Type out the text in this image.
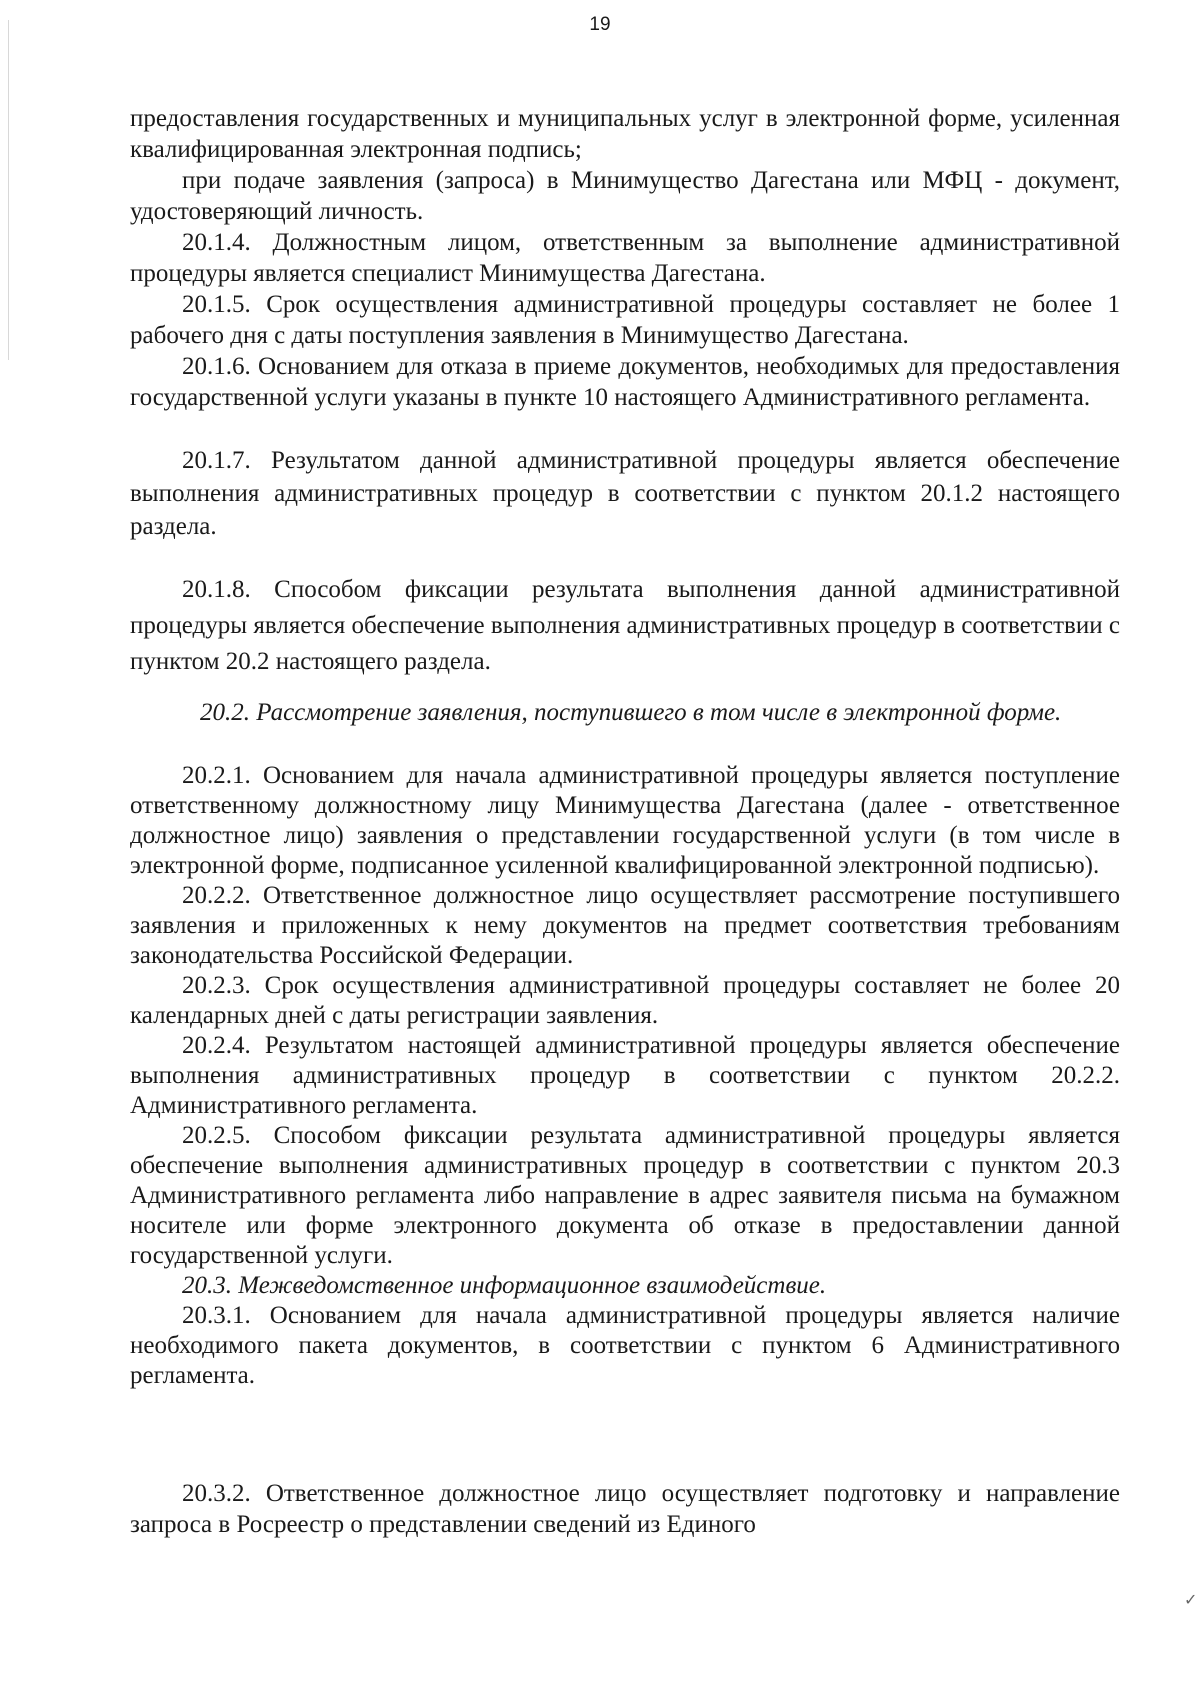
19

предоставления государственных и муниципальных услуг в электронной форме, усиленная квалифицированная электронная подпись;

при подаче заявления (запроса) в Минимущество Дагестана или МФЦ - документ, удостоверяющий личность.

20.1.4. Должностным лицом, ответственным за выполнение административной процедуры является специалист Минимущества Дагестана.

20.1.5. Срок осуществления административной процедуры составляет не более 1 рабочего дня с даты поступления заявления в Минимущество Дагестана.

20.1.6. Основанием для отказа в приеме документов, необходимых для предоставления государственной услуги указаны в пункте 10 настоящего Административного регламента.

20.1.7. Результатом данной административной процедуры является обеспечение выполнения административных процедур в соответствии с пунктом 20.1.2 настоящего раздела.

20.1.8. Способом фиксации результата выполнения данной административной процедуры является обеспечение выполнения административных процедур в соответствии с пунктом 20.2 настоящего раздела.

20.2. Рассмотрение заявления, поступившего в том числе в электронной форме.

20.2.1. Основанием для начала административной процедуры является поступление ответственному должностному лицу Минимущества Дагестана (далее - ответственное должностное лицо) заявления о представлении государственной услуги (в том числе в электронной форме, подписанное усиленной квалифицированной электронной подписью).

20.2.2. Ответственное должностное лицо осуществляет рассмотрение поступившего заявления и приложенных к нему документов на предмет соответствия требованиям законодательства Российской Федерации.

20.2.3. Срок осуществления административной процедуры составляет не более 20 календарных дней с даты регистрации заявления.

20.2.4. Результатом настоящей административной процедуры является обеспечение выполнения административных процедур в соответствии с пунктом 20.2.2. Административного регламента.

20.2.5. Способом фиксации результата административной процедуры является обеспечение выполнения административных процедур в соответствии с пунктом 20.3 Административного регламента либо направление в адрес заявителя письма на бумажном носителе или форме электронного документа об отказе в предоставлении данной государственной услуги.

20.3. Межведомственное информационное взаимодействие.

20.3.1. Основанием для начала административной процедуры является наличие необходимого пакета документов, в соответствии с пунктом 6 Административного регламента.

20.3.2. Ответственное должностное лицо осуществляет подготовку и направление запроса в Росреестр о представлении сведений из Единого

✓
